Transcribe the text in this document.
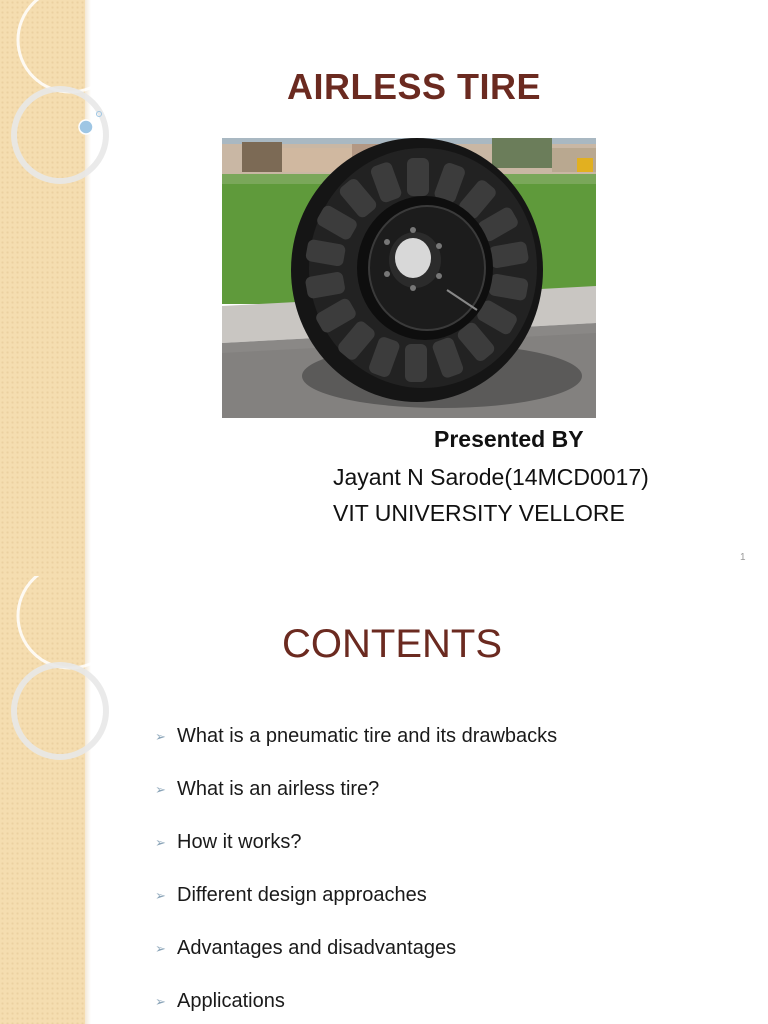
AIRLESS TIRE
Presented BY
Jayant N Sarode(14MCD0017)
VIT UNIVERSITY VELLORE
1
CONTENTS
➢ What is a pneumatic tire and its drawbacks
➢ What is an airless tire?
➢ How it works?
➢ Different design approaches
➢ Advantages and disadvantages
➢ Applications
